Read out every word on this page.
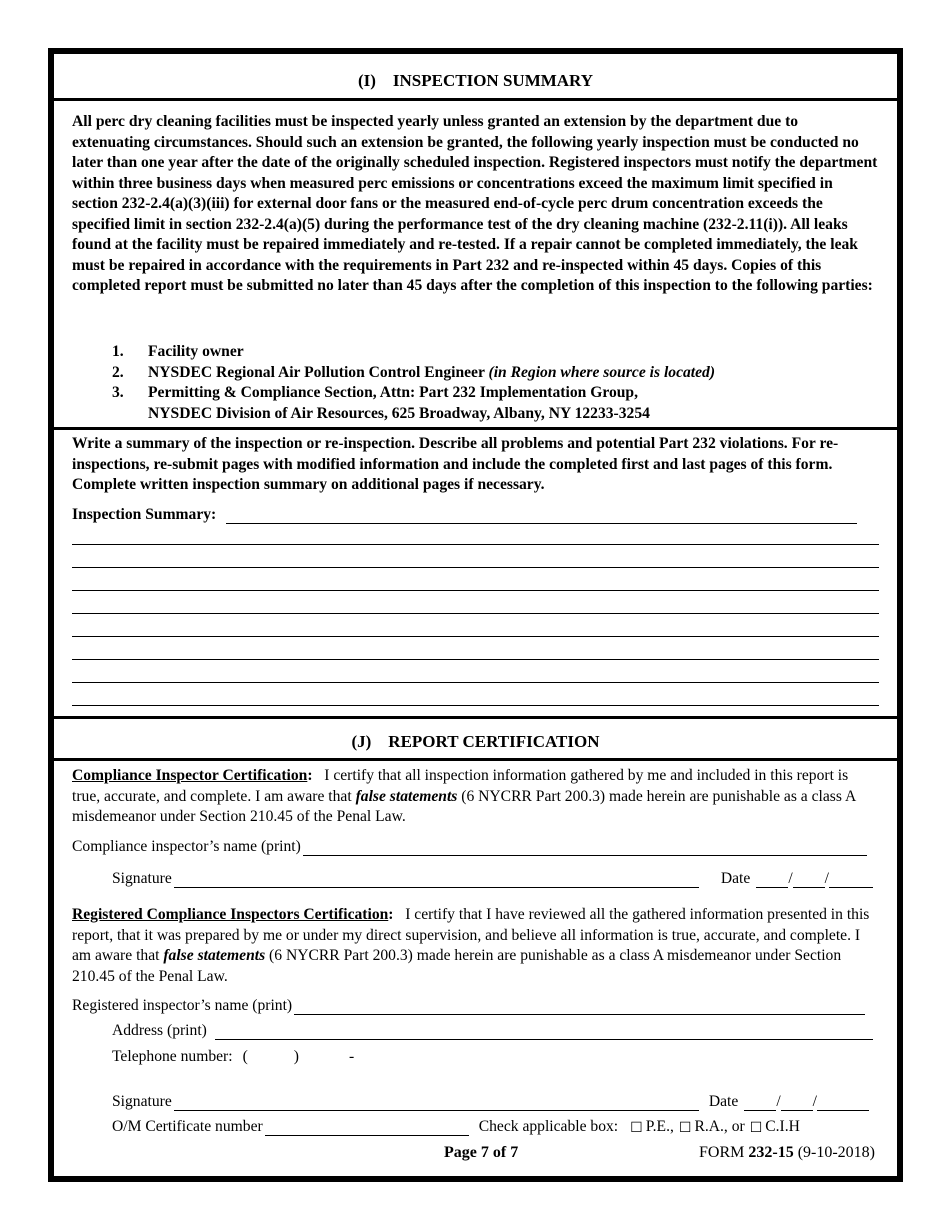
(I) INSPECTION SUMMARY
All perc dry cleaning facilities must be inspected yearly unless granted an extension by the department due to extenuating circumstances. Should such an extension be granted, the following yearly inspection must be conducted no later than one year after the date of the originally scheduled inspection. Registered inspectors must notify the department within three business days when measured perc emissions or concentrations exceed the maximum limit specified in section 232-2.4(a)(3)(iii) for external door fans or the measured end-of-cycle perc drum concentration exceeds the specified limit in section 232-2.4(a)(5) during the performance test of the dry cleaning machine (232-2.11(i)). All leaks found at the facility must be repaired immediately and re-tested. If a repair cannot be completed immediately, the leak must be repaired in accordance with the requirements in Part 232 and re-inspected within 45 days. Copies of this completed report must be submitted no later than 45 days after the completion of this inspection to the following parties:
1.	Facility owner
2.	NYSDEC Regional Air Pollution Control Engineer (in Region where source is located)
3.	Permitting & Compliance Section, Attn: Part 232 Implementation Group,
NYSDEC Division of Air Resources, 625 Broadway, Albany, NY 12233-3254
Write a summary of the inspection or re-inspection. Describe all problems and potential Part 232 violations. For re-inspections, re-submit pages with modified information and include the completed first and last pages of this form. Complete written inspection summary on additional pages if necessary.
Inspection Summary:
(J) REPORT CERTIFICATION
Compliance Inspector Certification: I certify that all inspection information gathered by me and included in this report is true, accurate, and complete. I am aware that false statements (6 NYCRR Part 200.3) made herein are punishable as a class A misdemeanor under Section 210.45 of the Penal Law.
Compliance inspector’s name (print)
Signature	Date / /
Registered Compliance Inspectors Certification: I certify that I have reviewed all the gathered information presented in this report, that it was prepared by me or under my direct supervision, and believe all information is true, accurate, and complete. I am aware that false statements (6 NYCRR Part 200.3) made herein are punishable as a class A misdemeanor under Section 210.45 of the Penal Law.
Registered inspector’s name (print)
Address (print)
Telephone number: (	)	-
Signature	Date / /
O/M Certificate number	Check applicable box: ☐ P.E., ☐ R.A., or ☐ C.I.H
Page 7 of 7	FORM 232-15 (9-10-2018)
